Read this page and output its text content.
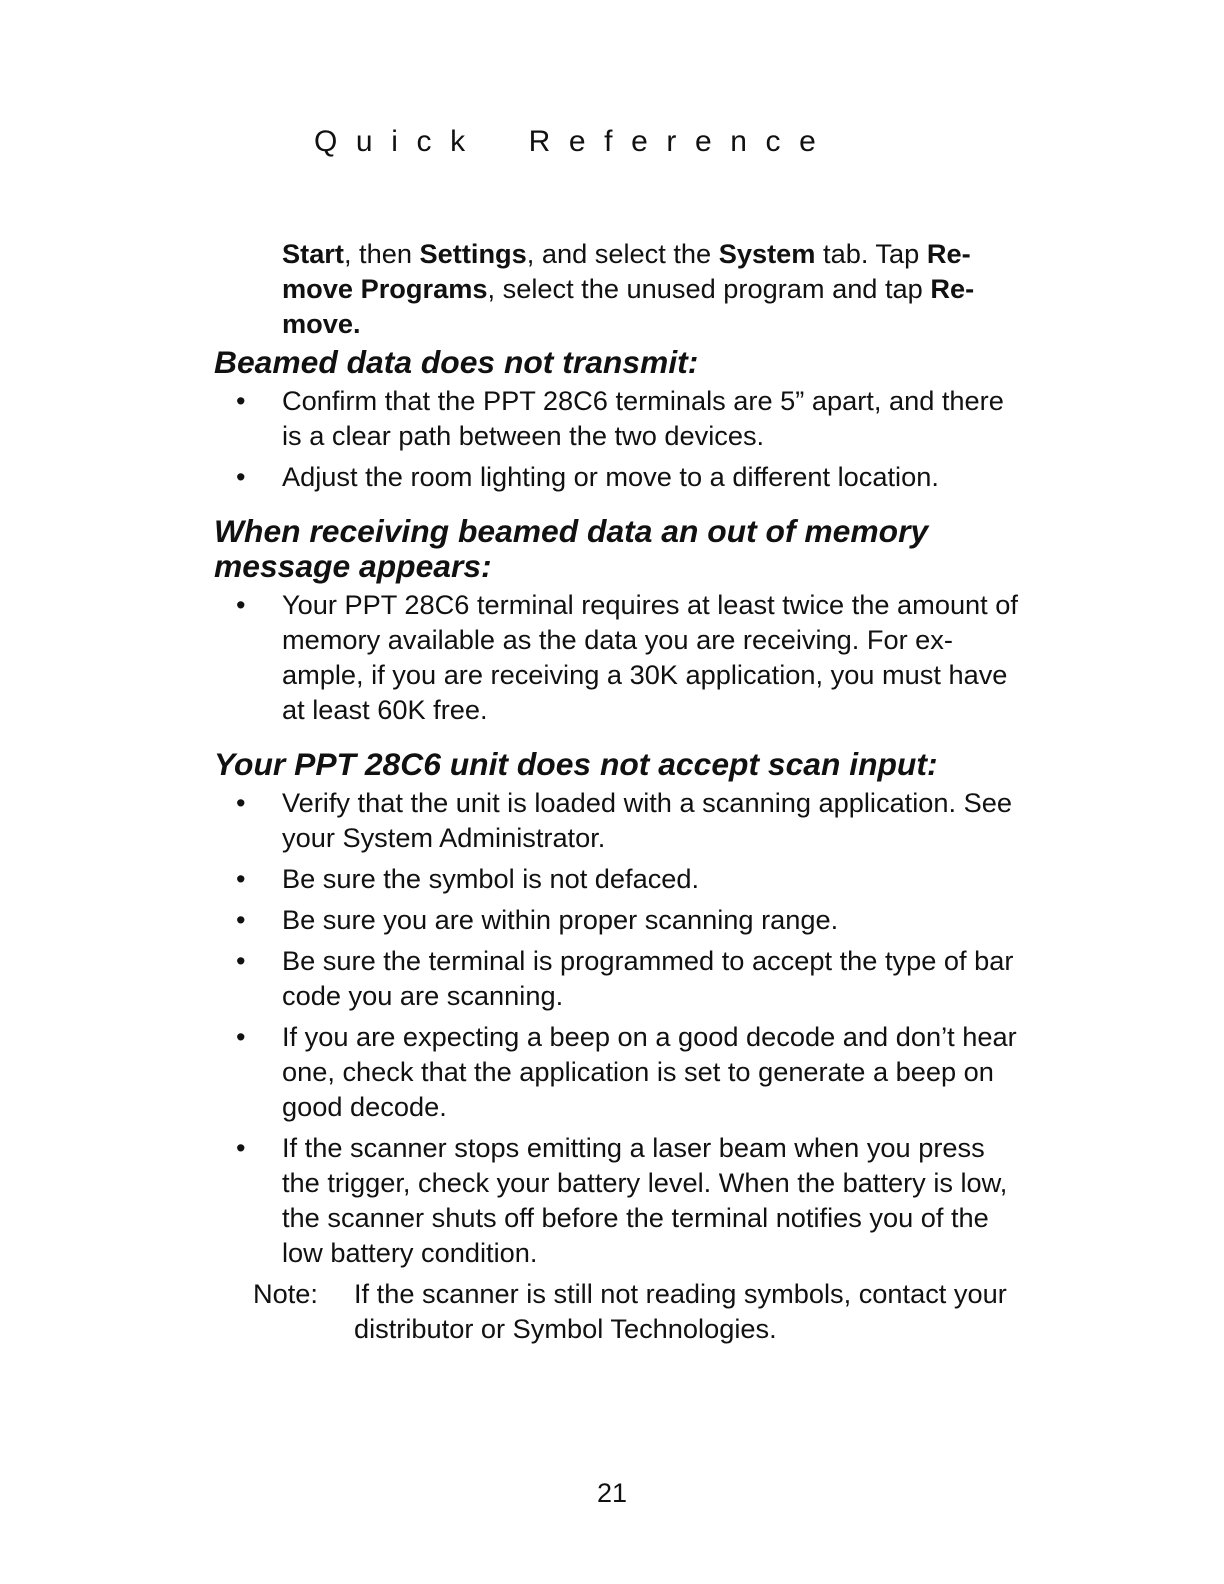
Quick Reference

Start, then Settings, and select the System tab. Tap Re-move Programs, select the unused program and tap Re-move.

Beamed data does not transmit:
• Confirm that the PPT 28C6 terminals are 5” apart, and there is a clear path between the two devices.
• Adjust the room lighting or move to a different location.
When receiving beamed data an out of memory message appears:
• Your PPT 28C6 terminal requires at least twice the amount of memory available as the data you are receiving. For ex-ample, if you are receiving a 30K application, you must have at least 60K free.
Your PPT 28C6 unit does not accept scan input:
• Verify that the unit is loaded with a scanning application. See your System Administrator.
• Be sure the symbol is not defaced.
• Be sure you are within proper scanning range.
• Be sure the terminal is programmed to accept the type of bar code you are scanning.
• If you are expecting a beep on a good decode and don’t hear one, check that the application is set to generate a beep on good decode.
• If the scanner stops emitting a laser beam when you press the trigger, check your battery level. When the battery is low, the scanner shuts off before the terminal notifies you of the low battery condition.
Note: If the scanner is still not reading symbols, contact your distributor or Symbol Technologies.
21
